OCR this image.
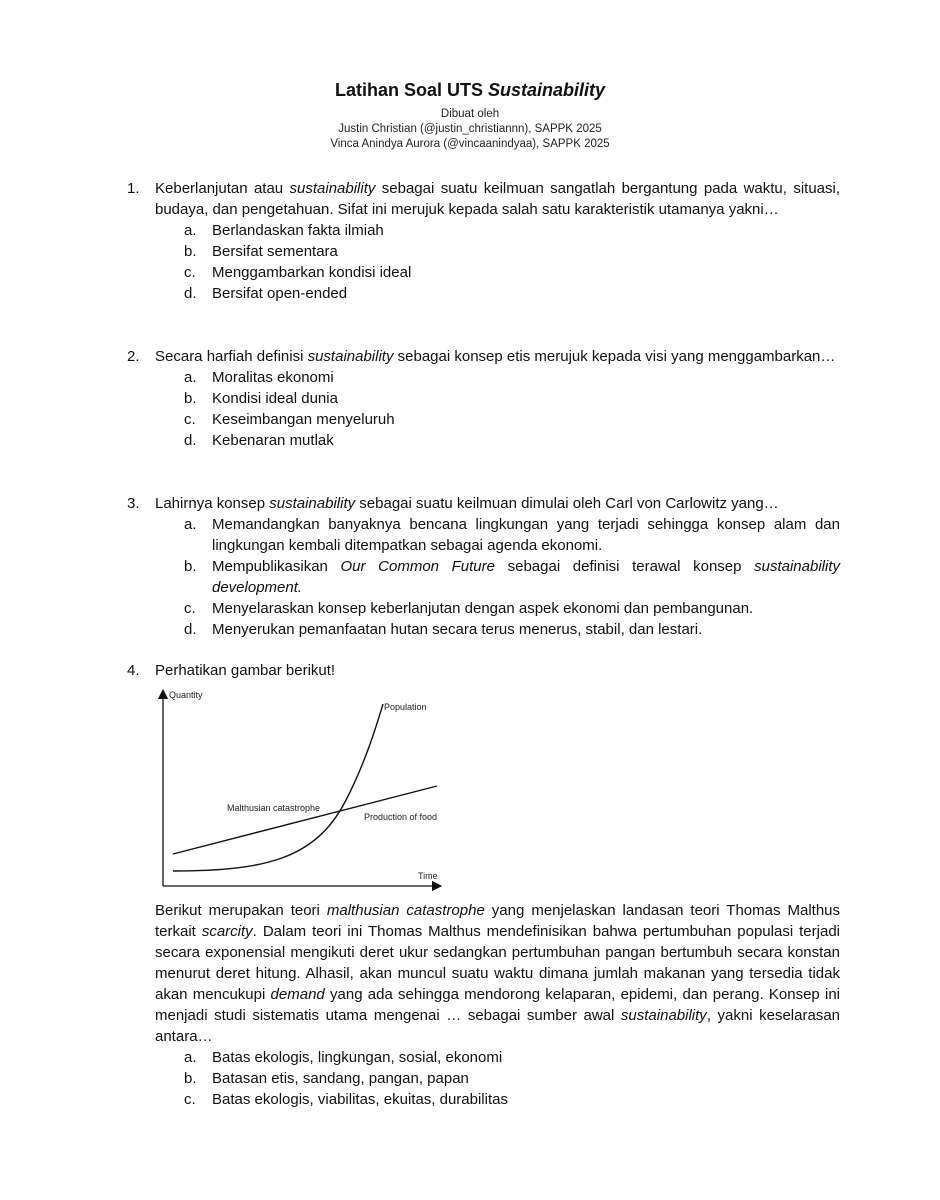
Latihan Soal UTS Sustainability
Dibuat oleh
Justin Christian (@justin_christiannn), SAPPK 2025
Vinca Anindya Aurora (@vincaanindyaa), SAPPK 2025
1. Keberlanjutan atau sustainability sebagai suatu keilmuan sangatlah bergantung pada waktu, situasi, budaya, dan pengetahuan. Sifat ini merujuk kepada salah satu karakteristik utamanya yakni…
a. Berlandaskan fakta ilmiah
b. Bersifat sementara
c. Menggambarkan kondisi ideal
d. Bersifat open-ended
2. Secara harfiah definisi sustainability sebagai konsep etis merujuk kepada visi yang menggambarkan…
a. Moralitas ekonomi
b. Kondisi ideal dunia
c. Keseimbangan menyeluruh
d. Kebenaran mutlak
3. Lahirnya konsep sustainability sebagai suatu keilmuan dimulai oleh Carl von Carlowitz yang…
a. Memandangkan banyaknya bencana lingkungan yang terjadi sehingga konsep alam dan lingkungan kembali ditempatkan sebagai agenda ekonomi.
b. Mempublikasikan Our Common Future sebagai definisi terawal konsep sustainability development.
c. Menyelaraskan konsep keberlanjutan dengan aspek ekonomi dan pembangunan.
d. Menyerukan pemanfaatan hutan secara terus menerus, stabil, dan lestari.
4. Perhatikan gambar berikut!
Quantity
Time
Population
Production of food
Malthusian catastrophe
Berikut merupakan teori malthusian catastrophe yang menjelaskan landasan teori Thomas Malthus terkait scarcity. Dalam teori ini Thomas Malthus mendefinisikan bahwa pertumbuhan populasi terjadi secara exponensial mengikuti deret ukur sedangkan pertumbuhan pangan bertumbuh secara konstan menurut deret hitung. Alhasil, akan muncul suatu waktu dimana jumlah makanan yang tersedia tidak akan mencukupi demand yang ada sehingga mendorong kelaparan, epidemi, dan perang. Konsep ini menjadi studi sistematis utama mengenai … sebagai sumber awal sustainability, yakni keselarasan antara…
a. Batas ekologis, lingkungan, sosial, ekonomi
b. Batasan etis, sandang, pangan, papan
c. Batas ekologis, viabilitas, ekuitas, durabilitas
